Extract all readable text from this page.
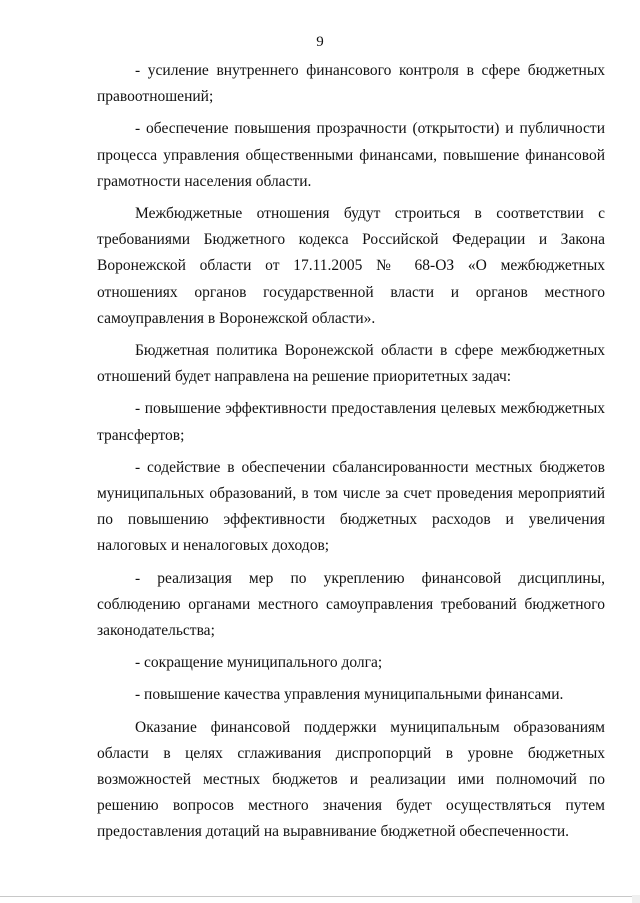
9

- усиление внутреннего финансового контроля в сфере бюджетных правоотношений;

- обеспечение повышения прозрачности (открытости) и публичности процесса управления общественными финансами, повышение финансовой грамотности населения области.

Межбюджетные отношения будут строиться в соответствии с требованиями Бюджетного кодекса Российской Федерации и Закона Воронежской области от 17.11.2005 № 68-ОЗ «О межбюджетных отношениях органов государственной власти и органов местного самоуправления в Воронежской области».

Бюджетная политика Воронежской области в сфере межбюджетных отношений будет направлена на решение приоритетных задач:

- повышение эффективности предоставления целевых межбюджетных трансфертов;

- содействие в обеспечении сбалансированности местных бюджетов муниципальных образований, в том числе за счет проведения мероприятий по повышению эффективности бюджетных расходов и увеличения налоговых и неналоговых доходов;

- реализация мер по укреплению финансовой дисциплины, соблюдению органами местного самоуправления требований бюджетного законодательства;

- сокращение муниципального долга;

- повышение качества управления муниципальными финансами.

Оказание финансовой поддержки муниципальным образованиям области в целях сглаживания диспропорций в уровне бюджетных возможностей местных бюджетов и реализации ими полномочий по решению вопросов местного значения будет осуществляться путем предоставления дотаций на выравнивание бюджетной обеспеченности.
